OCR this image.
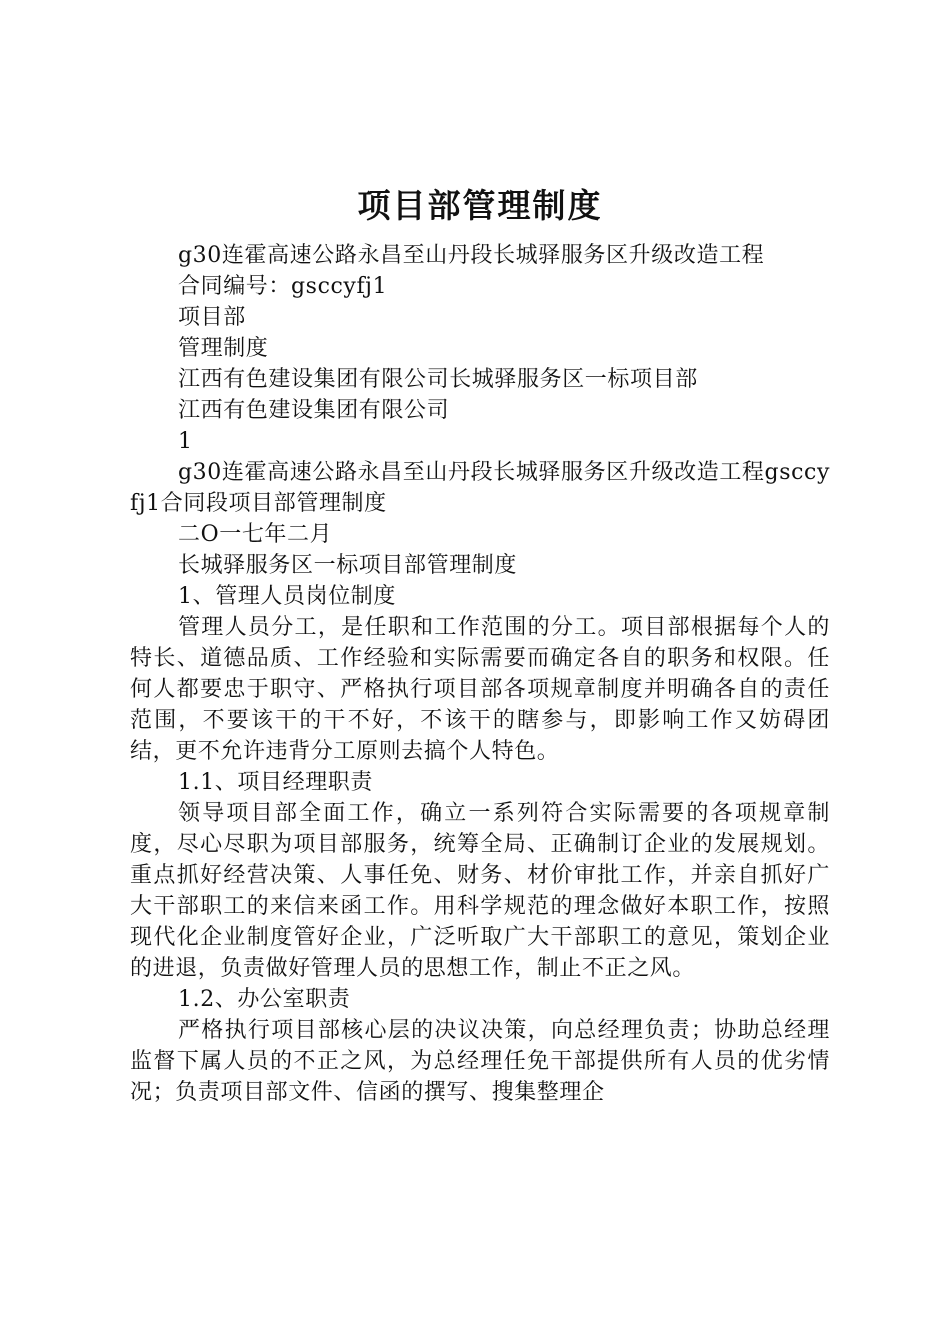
项目部管理制度

g30连霍高速公路永昌至山丹段长城驿服务区升级改造工程

合同编号：gsccyfj1

项目部

管理制度

江西有色建设集团有限公司长城驿服务区一标项目部

江西有色建设集团有限公司

1

g30连霍高速公路永昌至山丹段长城驿服务区升级改造工程gsccyfj1合同段项目部管理制度

二O一七年二月

长城驿服务区一标项目部管理制度

1、管理人员岗位制度

管理人员分工，是任职和工作范围的分工。项目部根据每个人的特长、道德品质、工作经验和实际需要而确定各自的职务和权限。任何人都要忠于职守、严格执行项目部各项规章制度并明确各自的责任范围，不要该干的干不好，不该干的瞎参与，即影响工作又妨碍团结，更不允许违背分工原则去搞个人特色。

1.1、项目经理职责

领导项目部全面工作，确立一系列符合实际需要的各项规章制度，尽心尽职为项目部服务，统筹全局、正确制订企业的发展规划。重点抓好经营决策、人事任免、财务、材价审批工作，并亲自抓好广大干部职工的来信来函工作。用科学规范的理念做好本职工作，按照现代化企业制度管好企业，广泛听取广大干部职工的意见，策划企业的进退，负责做好管理人员的思想工作，制止不正之风。

1.2、办公室职责

严格执行项目部核心层的决议决策，向总经理负责；协助总经理监督下属人员的不正之风，为总经理任免干部提供所有人员的优劣情况；负责项目部文件、信函的撰写、搜集整理企
